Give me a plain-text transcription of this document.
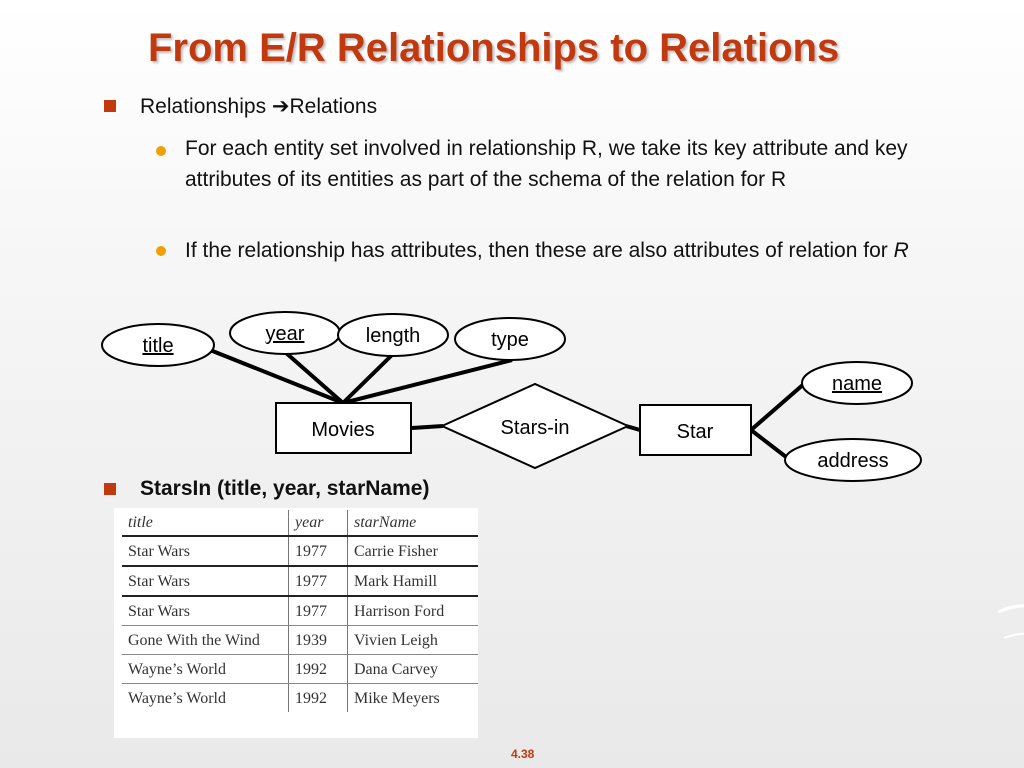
From E/R Relationships to Relations
Relationships ➔Relations
For each entity set involved in relationship R, we take its key attribute and key attributes of its entities as part of the schema of the relation for R
If the relationship has attributes, then these are also attributes of relation for R
title
year	length	type
Movies	Stars-in	Star
name
address
StarsIn (title, year, starName)
title	year	starName
Star Wars	1977	Carrie Fisher
Star Wars	1977	Mark Hamill
Star Wars	1977	Harrison Ford
Gone With the Wind	1939	Vivien Leigh
Wayne’s World	1992	Dana Carvey
Wayne’s World	1992	Mike Meyers
4.38
